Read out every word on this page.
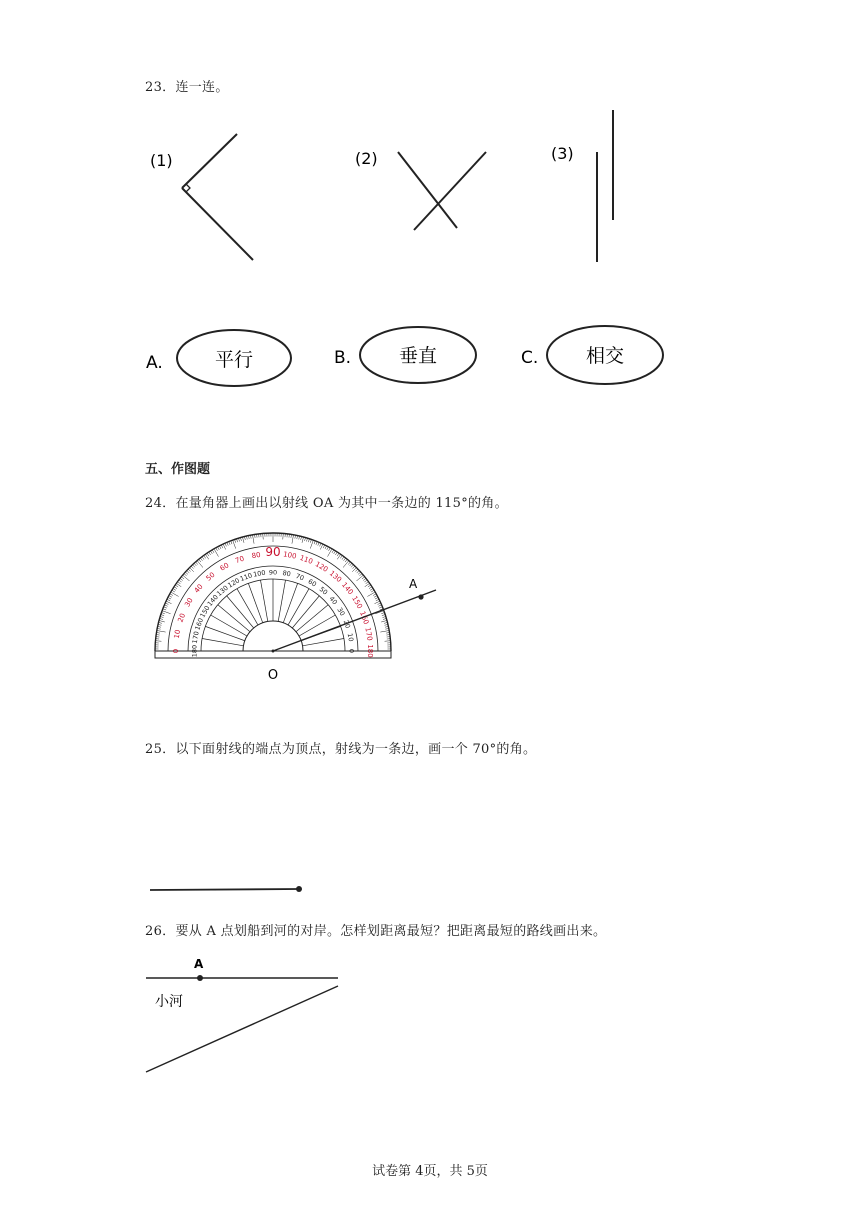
23．连一连。
(1)	(2)	(3)
A.	平行	B.	垂直	C.	相交
五、作图题
24．在量角器上画出以射线 OA 为其中一条边的 115°的角。
0
10
20
30
40
50
60
70 80 90 100 110
120
130
140
150
160
170
180
180
170
160
150
140
130
120
110 100 90 80 70
60
50
40
30
20
10
0
O
A
25．以下面射线的端点为顶点，射线为一条边，画一个 70°的角。
26．要从 A 点划船到河的对岸。怎样划距离最短？把距离最短的路线画出来。
A
小河
试卷第 4页，共 5页
